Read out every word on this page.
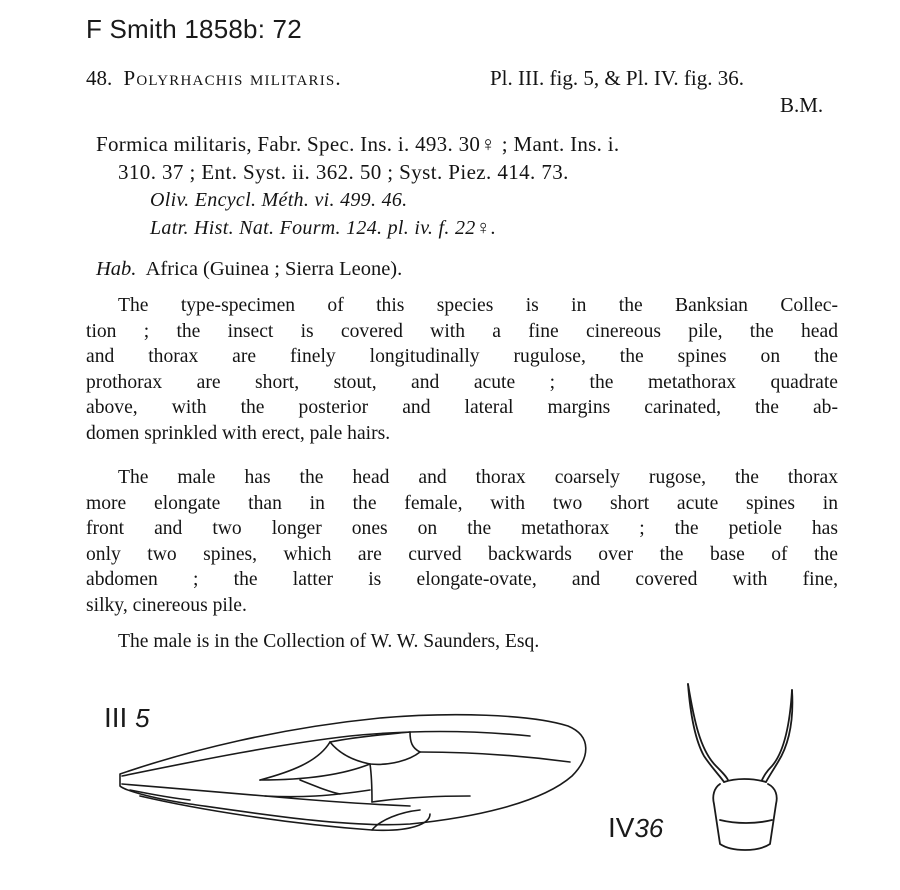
F Smith 1858b: 72
48. Polyrhachis militaris.	Pl. III. fig. 5, & Pl. IV. fig. 36.
B.M.
Formica militaris, Fabr. Spec. Ins. i. 493. 30♀ ; Mant. Ins. i.
310. 37 ; Ent. Syst. ii. 362. 50 ; Syst. Piez. 414. 73.
Oliv. Encycl. Méth. vi. 499. 46.
Latr. Hist. Nat. Fourm. 124. pl. iv. f. 22♀.
Hab. Africa (Guinea ; Sierra Leone).
The type-specimen of this species is in the Banksian Collec-
tion ; the insect is covered with a fine cinereous pile, the head
and thorax are finely longitudinally rugulose, the spines on the
prothorax are short, stout, and acute ; the metathorax quadrate
above, with the posterior and lateral margins carinated, the ab-
domen sprinkled with erect, pale hairs.
The male has the head and thorax coarsely rugose, the thorax
more elongate than in the female, with two short acute spines in
front and two longer ones on the metathorax ; the petiole has
only two spines, which are curved backwards over the base of the
abdomen ; the latter is elongate-ovate, and covered with fine,
silky, cinereous pile.
The male is in the Collection of W. W. Saunders, Esq.
III 5
IV36
